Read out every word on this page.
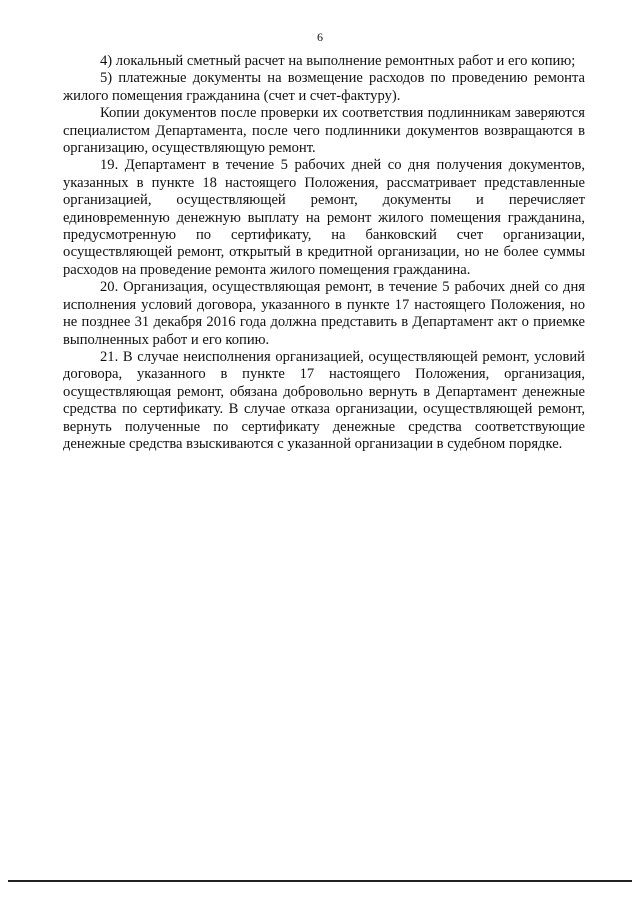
6

4) локальный сметный расчет на выполнение ремонтных работ и его копию;

5) платежные документы на возмещение расходов по проведению ремонта жилого помещения гражданина (счет и счет-фактуру).

Копии документов после проверки их соответствия подлинникам заверяются специалистом Департамента, после чего подлинники документов возвращаются в организацию, осуществляющую ремонт.

19. Департамент в течение 5 рабочих дней со дня получения документов, указанных в пункте 18 настоящего Положения, рассматривает представленные организацией, осуществляющей ремонт, документы и перечисляет единовременную денежную выплату на ремонт жилого помещения гражданина, предусмотренную по сертификату, на банковский счет организации, осуществляющей ремонт, открытый в кредитной организации, но не более суммы расходов на проведение ремонта жилого помещения гражданина.

20. Организация, осуществляющая ремонт, в течение 5 рабочих дней со дня исполнения условий договора, указанного в пункте 17 настоящего Положения, но не позднее 31 декабря 2016 года должна представить в Департамент акт о приемке выполненных работ и его копию.

21. В случае неисполнения организацией, осуществляющей ремонт, условий договора, указанного в пункте 17 настоящего Положения, организация, осуществляющая ремонт, обязана добровольно вернуть в Департамент денежные средства по сертификату. В случае отказа организации, осуществляющей ремонт, вернуть полученные по сертификату денежные средства соответствующие денежные средства взыскиваются с указанной организации в судебном порядке.
